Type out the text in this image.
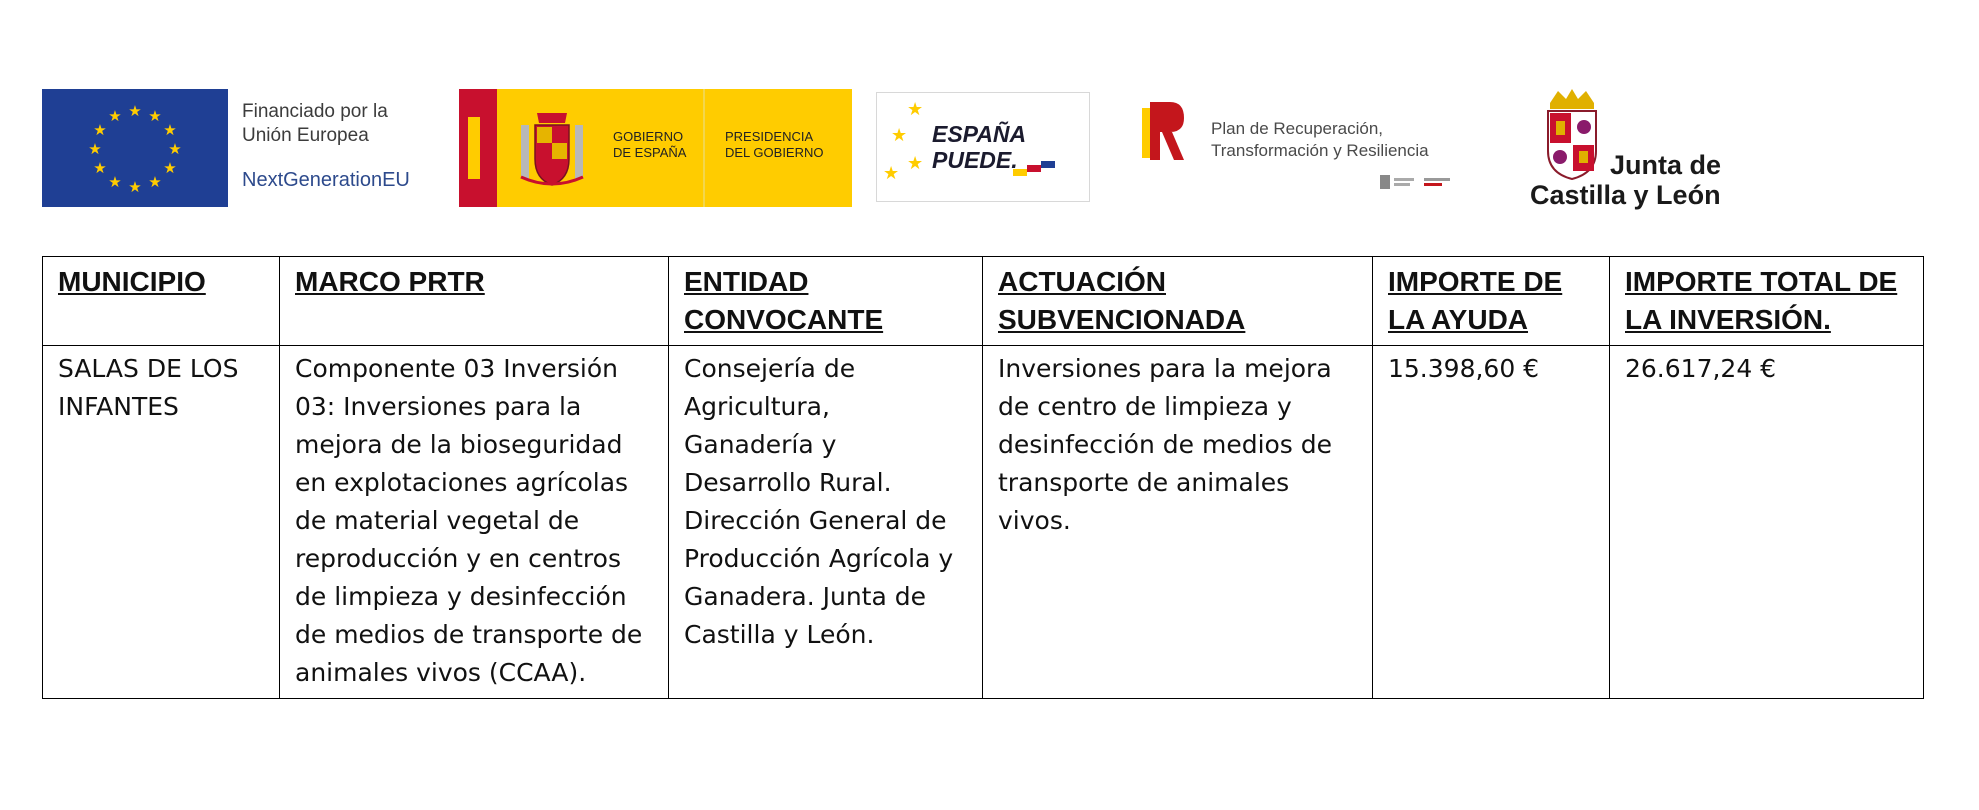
★ ★
★
★
★
★
★
★
★
★
★
★	Financiado por la
Unión Europea
NextGenerationEU
GOBIERNO
DE ESPAÑA
PRESIDENCIA
DEL GOBIERNO
★
★
★ ★
ESPAÑA
PUEDE.
Plan de Recuperación,
Transformación y Resiliencia	Junta de
Castilla y León
MUNICIPIO	MARCO PRTR	ENTIDAD CONVOCANTE	ACTUACIÓN SUBVENCIONADA	IMPORTE DE LA AYUDA	IMPORTE TOTAL DE LA INVERSIÓN.
SALAS DE LOS INFANTES	Componente 03 Inversión 03: Inversiones para la mejora de la bioseguridad en explotaciones agrícolas de material vegetal de reproducción y en centros de limpieza y desinfección de medios de transporte de animales vivos (CCAA).	Consejería de Agricultura, Ganadería y Desarrollo Rural. Dirección General de Producción Agrícola y Ganadera. Junta de Castilla y León.	Inversiones para la mejora de centro de limpieza y desinfección de medios de transporte de animales vivos.	15.398,60 €	26.617,24 €
